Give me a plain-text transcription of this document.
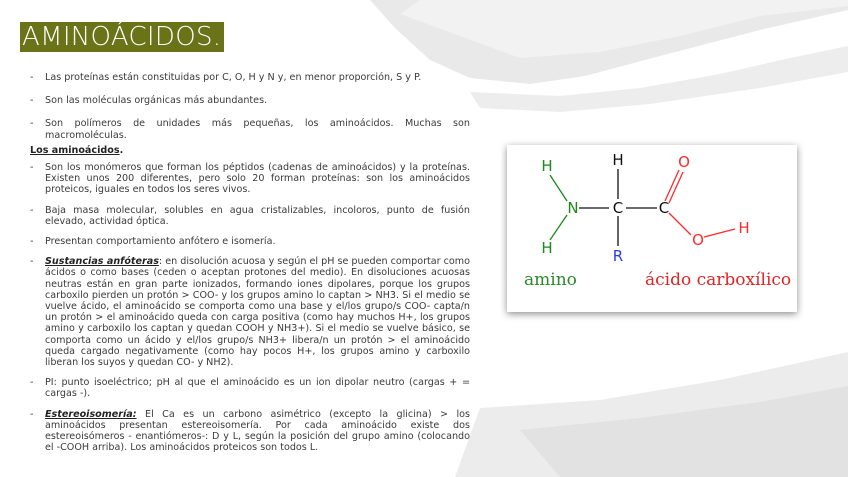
AMINOÁCIDOS.
- Las proteínas están constituidas por C, O, H y N y, en menor proporción, S y P.
- Son las moléculas orgánicas más abundantes.
- Son polímeros de unidades más pequeñas, los aminoácidos. Muchas son macromoléculas.
Los aminoácidos.
- Son los monómeros que forman los péptidos (cadenas de aminoácidos) y la proteínas. Existen unos 200 diferentes, pero solo 20 forman proteínas: son los aminoácidos proteicos, iguales en todos los seres vivos.
- Baja masa molecular, solubles en agua cristalizables, incoloros, punto de fusión elevado, actividad óptica.
- Presentan comportamiento anfótero e isomería.
- Sustancias anfóteras: en disolución acuosa y según el pH se pueden comportar como ácidos o como bases (ceden o aceptan protones del medio). En disoluciones acuosas neutras están en gran parte ionizados, formando iones dipolares, porque los grupos carboxilo pierden un protón > COO- y los grupos amino lo captan > NH3. Si el medio se vuelve ácido, el aminoácido se comporta como una base y el/los grupo/s COO- capta/n un protón > el aminoácido queda con carga positiva (como hay muchos H+, los grupos amino y carboxilo los captan y quedan COOH y NH3+). Si el medio se vuelve básico, se comporta como un ácido y el/los grupo/s NH3+ libera/n un protón > el aminoácido queda cargado negativamente (como hay pocos H+, los grupos amino y carboxilo liberan los suyos y quedan CO- y NH2).
- PI: punto isoeléctrico; pH al que el aminoácido es un ion dipolar neutro (cargas + = cargas -).
- Estereoisomería: El Ca es un carbono asimétrico (excepto la glicina) > los aminoácidos presentan estereoisomería. Por cada aminoácido existe dos estereoisómeros - enantiómeros-: D y L, según la posición del grupo amino (colocando el -COOH arriba). Los aminoácidos proteicos son todos L.
H
N
H
H
C
R
C
O
O
H
amino	ácido carboxílico
